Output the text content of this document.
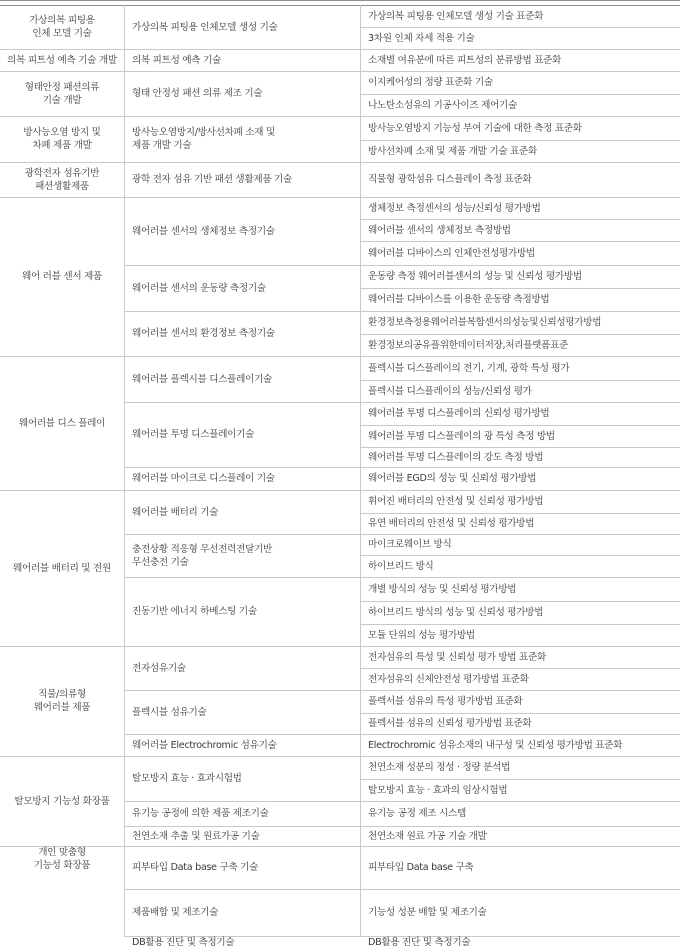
가상의복 피팅용 인체모델 생성 기술 표준화
3차원 인체 자세 적용 기술
가상의복 피팅용 인체모델 생성 기술
가상의복 피팅용
인체 모델 기술
소재별 여유분에 따른 피트성의 분류방법 표준화
의복 피트성 예측 기술
의복 피트성 예측 기술 개발
이지케어성의 정량 표준화 기술
나노탄소섬유의 기공사이즈 제어기술
형태 안정성 패션 의류 제조 기술
형태안정 패션의류
기술 개발
방사능오염방지 기능성 부여 기술에 대한 측정 표준화
방사선차폐 소재 및 제품 개발 기술 표준화
방사능오염방지/방사선차폐 소재 및
제품 개발 기술
방사능오염 방지 및
차폐 제품 개발
직물형 광학섬유 디스플레이 측정 표준화
광학 전자 섬유 기반 패션 생활제품 기술
광학전자 섬유기반
패션생활제품
생체정보 측정센서의 성능/신뢰성 평가방법
웨어러블 센서의 생체정보 측정방법
웨어러블 디바이스의 인체안전성평가방법
웨어러블 센서의 생체정보 측정기술
운동량 측정 웨어러블센서의 성능 및 신뢰성 평가방법
웨어러블 디바이스를 이용한 운동량 측정방법
웨어러블 센서의 운동량 측정기술
환경정보측정용웨어러블복합센서의성능및신뢰성평가방법
환경정보의공유플위한데이터저장,처리플랫폼표준
웨어러블 센서의 환경정보 측정기술
웨어 러블 센서 제품
플렉시블 디스플레이의 전기, 기계, 광학 특성 평가
플렉시블 디스플레이의 성능/신뢰성 평가
웨어러블 플렉시블 디스플레이기술
웨어러블 투명 디스플레이의 신뢰성 평가방법
웨어러블 투명 디스플레이의 광 특성 측정 방법
웨어러블 투명 디스플레이의 강도 측정 방법
웨어러블 투명 디스플레이기술
웨어러블 EGD의 성능 및 신뢰성 평가방법
웨어러블 마이크로 디스플레이 기술
웨어러블 디스 플레이
휘어진 배터리의 안전성 및 신뢰성 평가방법
유연 배터리의 안전성 및 신뢰성 평가방법
웨어러블 배터리 기술
마이크로웨이브 방식
하이브리드 방식
충전상황 적응형 무선전력전달기반
무선충전 기술
개별 방식의 성능 및 신뢰성 평가방법
하이브리드 방식의 성능 및 신뢰성 평가방법
모듈 단위의 성능 평가방법
진동기반 에너지 하베스팅 기술
웨어러블 배터리 및 전원
전자섬유의 특성 및 신뢰성 평가 방법 표준화
전자섬유의 신체안전성 평가방법 표준화
전자섬유기술
플렉서블 섬유의 특성 평가방법 표준화
플렉서블 섬유의 신뢰성 평가방법 표준화
플렉시블 섬유기술
Electrochromic 섬유소재의 내구성 및 신뢰성 평가방법 표준화
웨어러블 Electrochromic 섬유기술
직물/의류형
웨어러블 제품
천연소재 성분의 정성 · 정량 분석법
탈모방지 효능 · 효과의 임상시험법
탈모방지 효능 · 효과시험법
유기능 공정 제조 시스템
유기능 공정에 의한 제품 제조기술
천연소재 원료 가공 기술 개발
천연소재 추출 및 원료가공 기술
탈모방지 기능성 화장품
피부타입 Data base 구축
피부타입 Data base 구축 기술
기능성 성분 배합 및 제조기술
제품배합 및 제조기술
DB활용 진단 및 측정기술
DB활용 진단 및 측정기술
개인 맞춤형
기능성 화장품
